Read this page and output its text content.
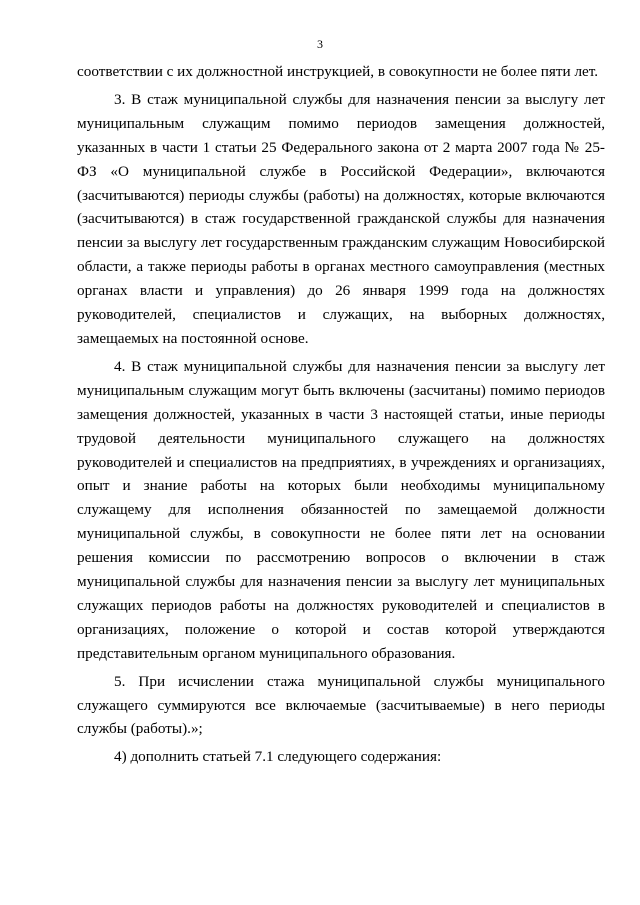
3

соответствии с их должностной инструкцией, в совокупности не более пяти лет.

3. В стаж муниципальной службы для назначения пенсии за выслугу лет муниципальным служащим помимо периодов замещения должностей, указанных в части 1 статьи 25 Федерального закона от 2 марта 2007 года № 25-ФЗ «О муниципальной службе в Российской Федерации», включаются (засчитываются) периоды службы (работы) на должностях, которые включаются (засчитываются) в стаж государственной гражданской службы для назначения пенсии за выслугу лет государственным гражданским служащим Новосибирской области, а также периоды работы в органах местного самоуправления (местных органах власти и управления) до 26 января 1999 года на должностях руководителей, специалистов и служащих, на выборных должностях, замещаемых на постоянной основе.

4. В стаж муниципальной службы для назначения пенсии за выслугу лет муниципальным служащим могут быть включены (засчитаны) помимо периодов замещения должностей, указанных в части 3 настоящей статьи, иные периоды трудовой деятельности муниципального служащего на должностях руководителей и специалистов на предприятиях, в учреждениях и организациях, опыт и знание работы на которых были необходимы муниципальному служащему для исполнения обязанностей по замещаемой должности муниципальной службы, в совокупности не более пяти лет на основании решения комиссии по рассмотрению вопросов о включении в стаж муниципальной службы для назначения пенсии за выслугу лет муниципальных служащих периодов работы на должностях руководителей и специалистов в организациях, положение о которой и состав которой утверждаются представительным органом муниципального образования.

5. При исчислении стажа муниципальной службы муниципального служащего суммируются все включаемые (засчитываемые) в него периоды службы (работы).»;

4) дополнить статьей 7.1 следующего содержания:
